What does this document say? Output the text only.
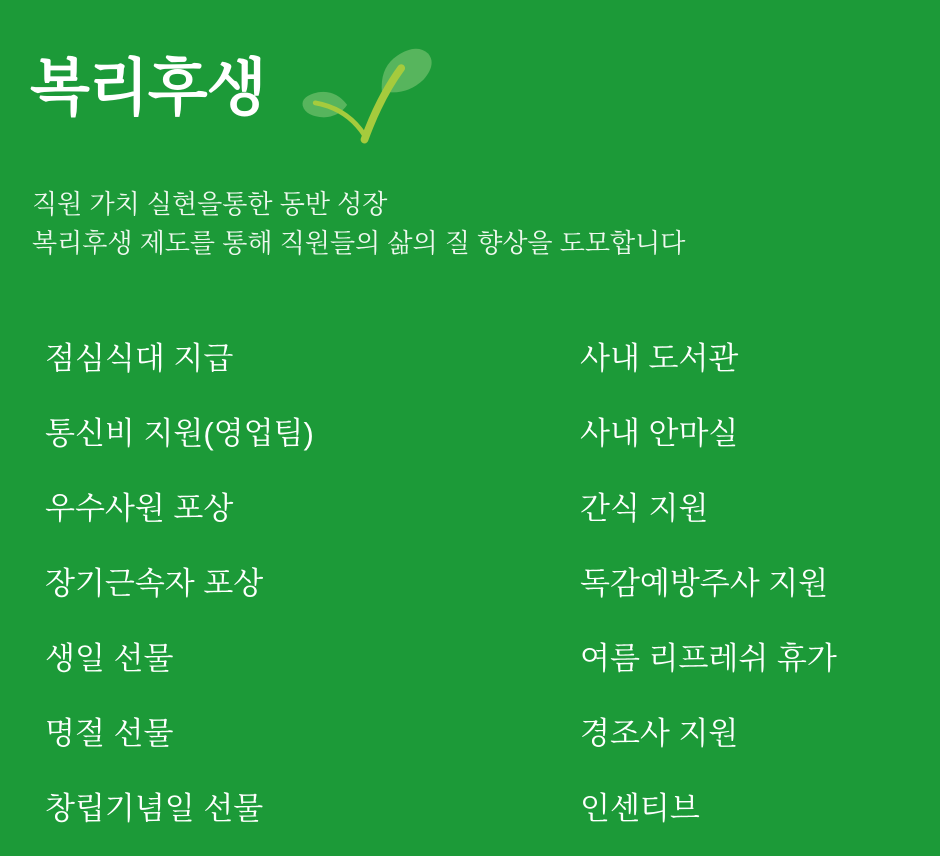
복리후생

직원 가치 실현을통한 동반 성장
복리후생 제도를 통해 직원들의 삶의 질 향상을 도모합니다

점심식대 지급
통신비 지원(영업팀)
우수사원 포상
장기근속자 포상
생일 선물
명절 선물
창립기념일 선물
사내 도서관
사내 안마실
간식 지원
독감예방주사 지원
여름 리프레쉬 휴가
경조사 지원
인센티브
